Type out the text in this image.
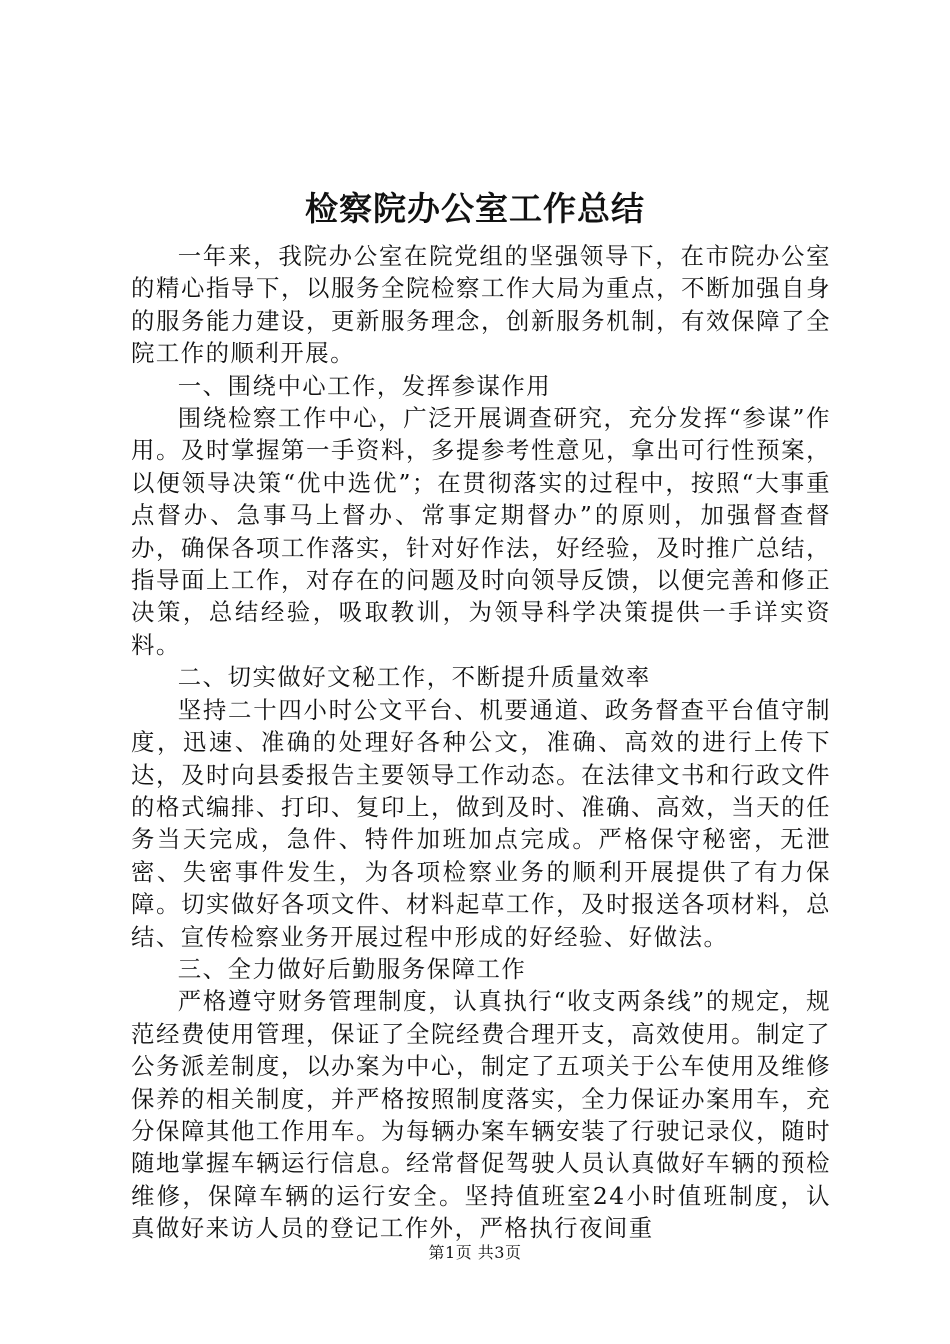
检察院办公室工作总结

一年来，我院办公室在院党组的坚强领导下，在市院办公室的精心指导下，以服务全院检察工作大局为重点，不断加强自身的服务能力建设，更新服务理念，创新服务机制，有效保障了全院工作的顺利开展。

一、围绕中心工作，发挥参谋作用

围绕检察工作中心，广泛开展调查研究，充分发挥“参谋”作用。及时掌握第一手资料，多提参考性意见，拿出可行性预案，以便领导决策“优中选优”；在贯彻落实的过程中，按照“大事重点督办、急事马上督办、常事定期督办”的原则，加强督查督办，确保各项工作落实，针对好作法，好经验，及时推广总结，指导面上工作，对存在的问题及时向领导反馈，以便完善和修正决策，总结经验，吸取教训，为领导科学决策提供一手详实资料。

二、切实做好文秘工作，不断提升质量效率

坚持二十四小时公文平台、机要通道、政务督查平台值守制度，迅速、准确的处理好各种公文，准确、高效的进行上传下达，及时向县委报告主要领导工作动态。在法律文书和行政文件的格式编排、打印、复印上，做到及时、准确、高效，当天的任务当天完成，急件、特件加班加点完成。严格保守秘密，无泄密、失密事件发生，为各项检察业务的顺利开展提供了有力保障。切实做好各项文件、材料起草工作，及时报送各项材料，总结、宣传检察业务开展过程中形成的好经验、好做法。

三、全力做好后勤服务保障工作

严格遵守财务管理制度，认真执行“收支两条线”的规定，规范经费使用管理，保证了全院经费合理开支，高效使用。制定了公务派差制度，以办案为中心，制定了五项关于公车使用及维修保养的相关制度，并严格按照制度落实，全力保证办案用车，充分保障其他工作用车。为每辆办案车辆安装了行驶记录仪，随时随地掌握车辆运行信息。经常督促驾驶人员认真做好车辆的预检维修，保障车辆的运行安全。坚持值班室24小时值班制度，认真做好来访人员的登记工作外，严格执行夜间重

第1页 共3页
